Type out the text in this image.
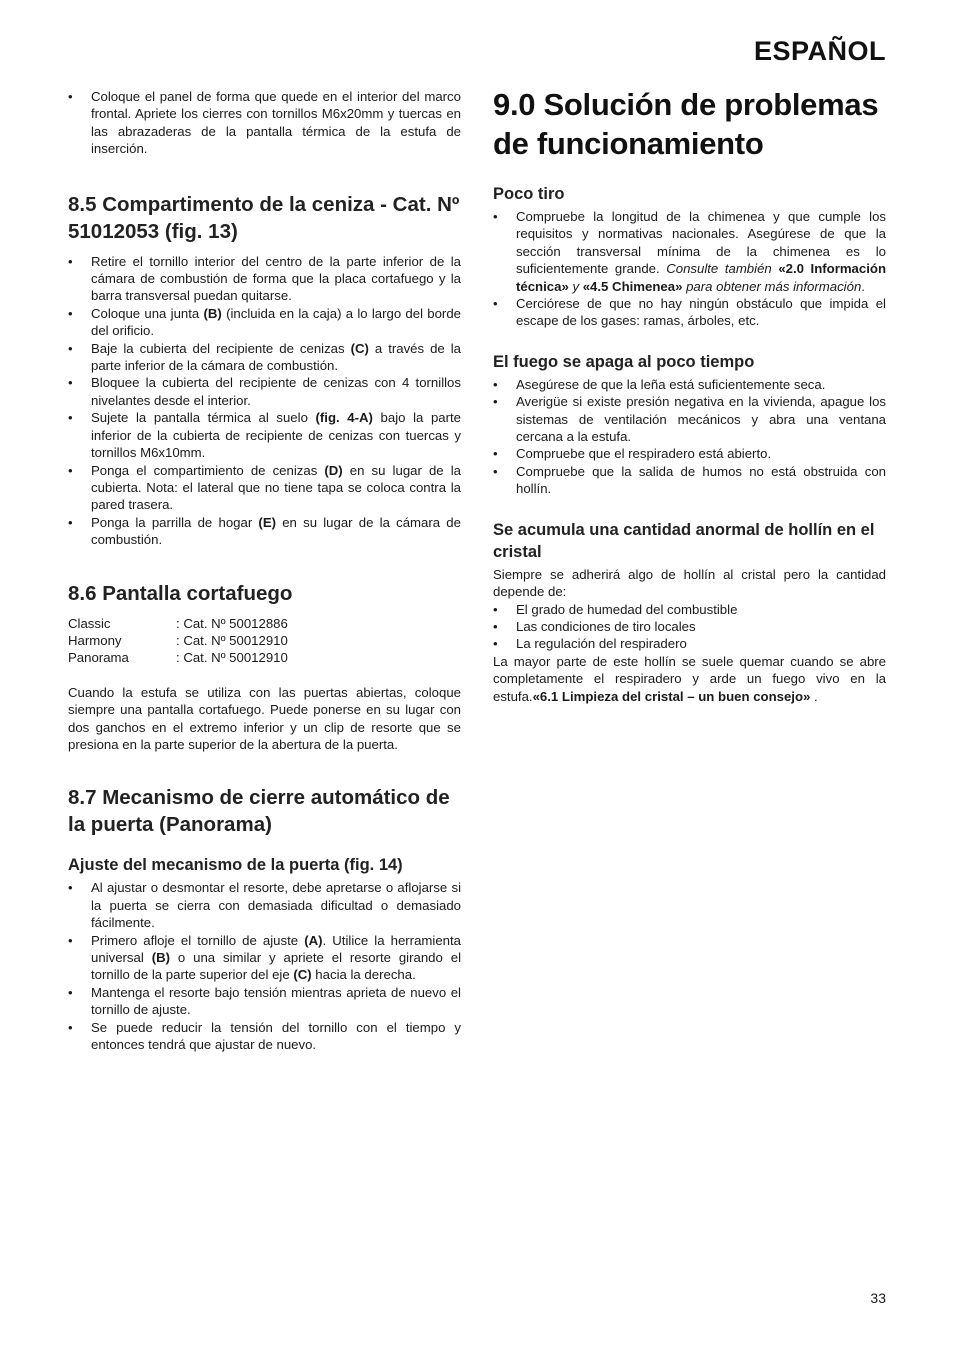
ESPAÑOL
• Coloque el panel de forma que quede en el interior del marco frontal. Apriete los cierres con tornillos M6x20mm y tuercas en las abrazaderas de la pantalla térmica de la estufa de inserción.
8.5 Compartimento de la ceniza - Cat. Nº 51012053 (fig. 13)
• Retire el tornillo interior del centro de la parte inferior de la cámara de combustión de forma que la placa cortafuego y la barra transversal puedan quitarse.
• Coloque una junta (B) (incluida en la caja) a lo largo del borde del orificio.
• Baje la cubierta del recipiente de cenizas (C) a través de la parte inferior de la cámara de combustión.
• Bloquee la cubierta del recipiente de cenizas con 4 tornillos nivelantes desde el interior.
• Sujete la pantalla térmica al suelo (fig. 4-A) bajo la parte inferior de la cubierta de recipiente de cenizas con tuercas y tornillos M6x10mm.
• Ponga el compartimiento de cenizas (D) en su lugar de la cubierta. Nota: el lateral que no tiene tapa se coloca contra la pared trasera.
• Ponga la parrilla de hogar (E) en su lugar de la cámara de combustión.
8.6 Pantalla cortafuego
Classic	: Cat. Nº 50012886
Harmony	: Cat. Nº 50012910
Panorama	: Cat. Nº 50012910
Cuando la estufa se utiliza con las puertas abiertas, coloque siempre una pantalla cortafuego. Puede ponerse en su lugar con dos ganchos en el extremo inferior y un clip de resorte que se presiona en la parte superior de la abertura de la puerta.
8.7 Mecanismo de cierre automático de la puerta (Panorama)
Ajuste del mecanismo de la puerta (fig. 14)
• Al ajustar o desmontar el resorte, debe apretarse o aflojarse si la puerta se cierra con demasiada dificultad o demasiado fácilmente.
• Primero afloje el tornillo de ajuste (A). Utilice la herramienta universal (B) o una similar y apriete el resorte girando el tornillo de la parte superior del eje (C) hacia la derecha.
• Mantenga el resorte bajo tensión mientras aprieta de nuevo el tornillo de ajuste.
• Se puede reducir la tensión del tornillo con el tiempo y entonces tendrá que ajustar de nuevo.
9.0 Solución de problemas de funcionamiento
Poco tiro
• Compruebe la longitud de la chimenea y que cumple los requisitos y normativas nacionales. Asegúrese de que la sección transversal mínima de la chimenea es lo suficientemente grande. Consulte también «2.0 Información técnica» y «4.5 Chimenea» para obtener más información.
• Cerciórese de que no hay ningún obstáculo que impida el escape de los gases: ramas, árboles, etc.
El fuego se apaga al poco tiempo
• Asegúrese de que la leña está suficientemente seca.
• Averigüe si existe presión negativa en la vivienda, apague los sistemas de ventilación mecánicos y abra una ventana cercana a la estufa.
• Compruebe que el respiradero está abierto.
• Compruebe que la salida de humos no está obstruida con hollín.
Se acumula una cantidad anormal de hollín en el cristal
Siempre se adherirá algo de hollín al cristal pero la cantidad depende de:
• El grado de humedad del combustible
• Las condiciones de tiro locales
• La regulación del respiradero
La mayor parte de este hollín se suele quemar cuando se abre completamente el respiradero y arde un fuego vivo en la estufa.«6.1 Limpieza del cristal – un buen consejo» .
33
